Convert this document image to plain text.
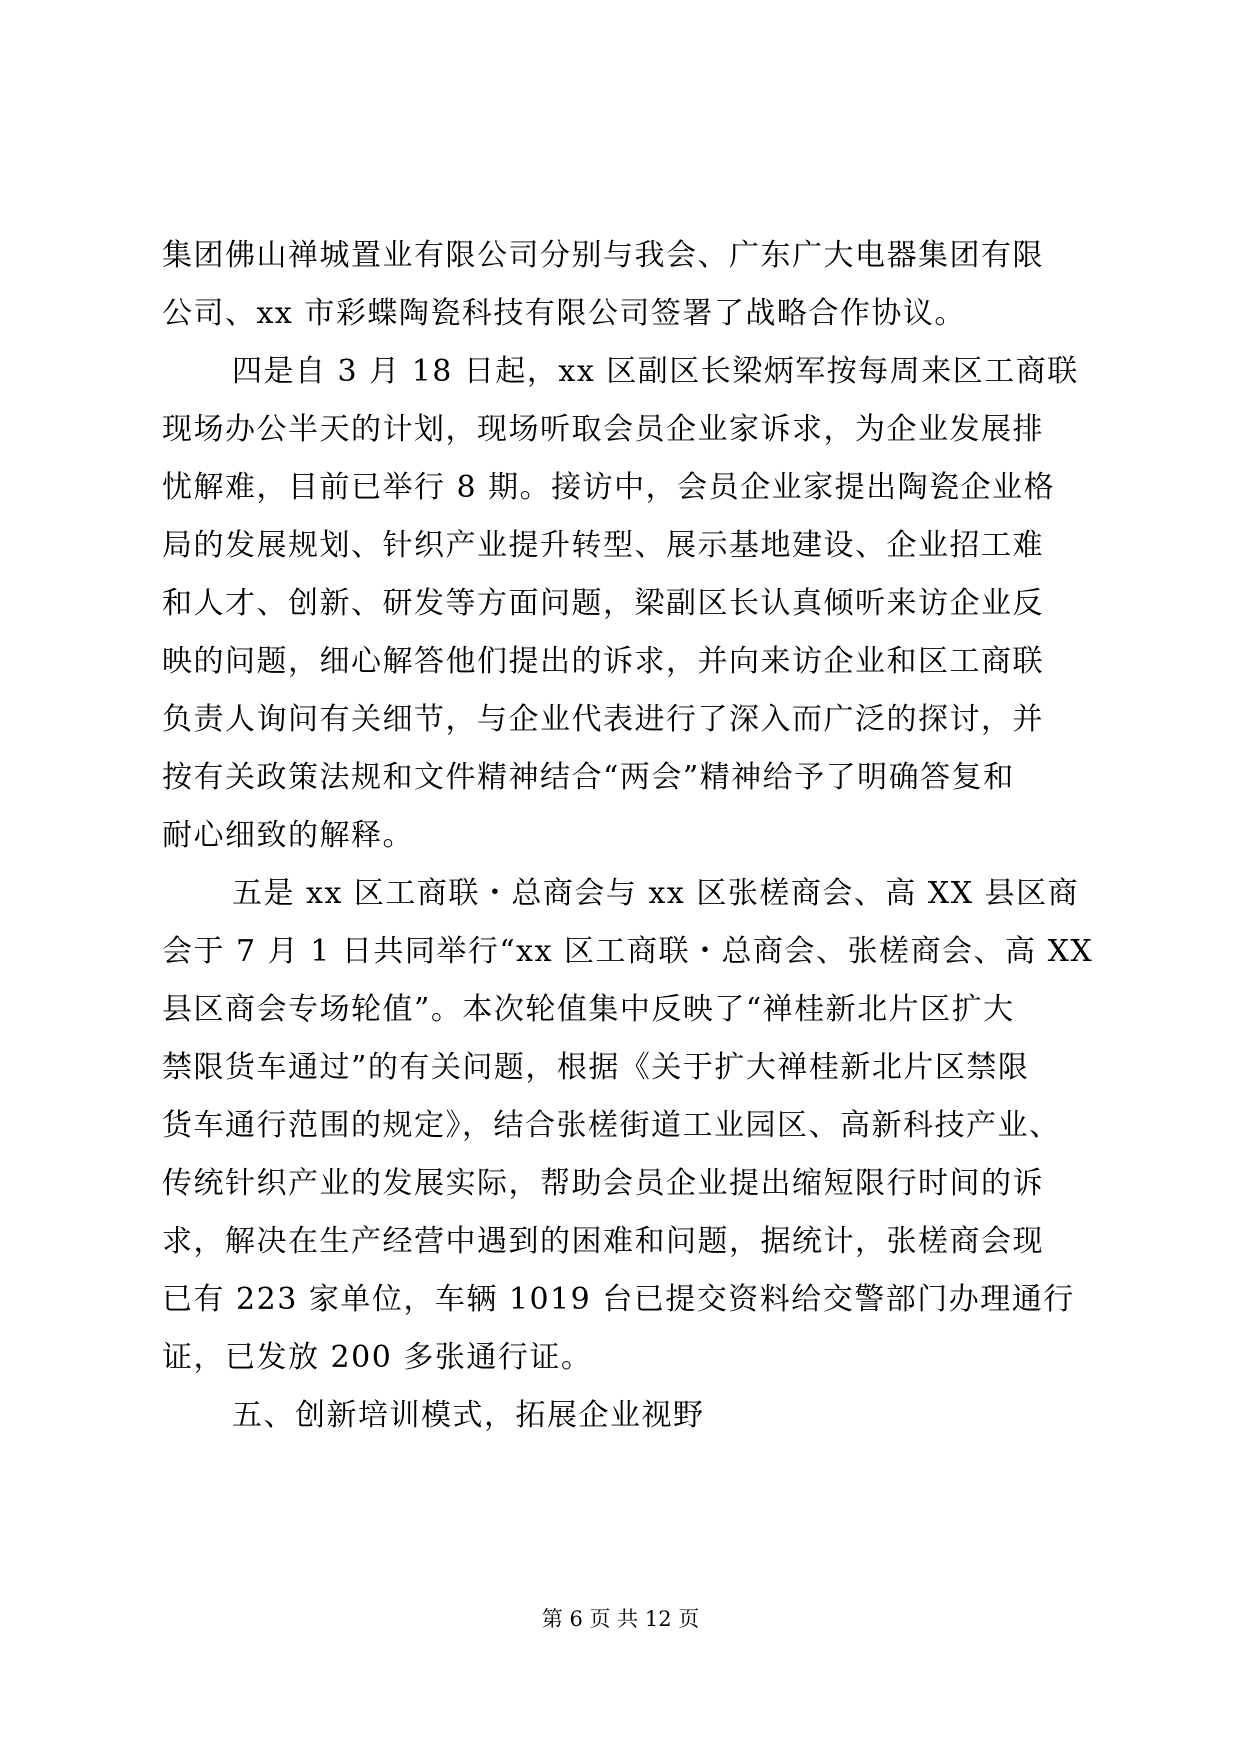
集团佛山禅城置业有限公司分别与我会、广东广大电器集团有限
公司、xx 市彩蝶陶瓷科技有限公司签署了战略合作协议。
四是自 3 月 18 日起，xx 区副区长梁炳军按每周来区工商联
现场办公半天的计划，现场听取会员企业家诉求，为企业发展排
忧解难，目前已举行 8 期。接访中，会员企业家提出陶瓷企业格
局的发展规划、针织产业提升转型、展示基地建设、企业招工难
和人才、创新、研发等方面问题，梁副区长认真倾听来访企业反
映的问题，细心解答他们提出的诉求，并向来访企业和区工商联
负责人询问有关细节，与企业代表进行了深入而广泛的探讨，并
按有关政策法规和文件精神结合“两会”精神给予了明确答复和
耐心细致的解释。
五是 xx 区工商联・总商会与 xx 区张槎商会、高 XX 县区商
会于 7 月 1 日共同举行“xx 区工商联・总商会、张槎商会、高 XX
县区商会专场轮值”。本次轮值集中反映了“禅桂新北片区扩大
禁限货车通过”的有关问题，根据《关于扩大禅桂新北片区禁限
货车通行范围的规定》，结合张槎街道工业园区、高新科技产业、
传统针织产业的发展实际，帮助会员企业提出缩短限行时间的诉
求，解决在生产经营中遇到的困难和问题，据统计，张槎商会现
已有 223 家单位，车辆 1019 台已提交资料给交警部门办理通行
证，已发放 200 多张通行证。
五、创新培训模式，拓展企业视野
第 6 页 共 12 页
